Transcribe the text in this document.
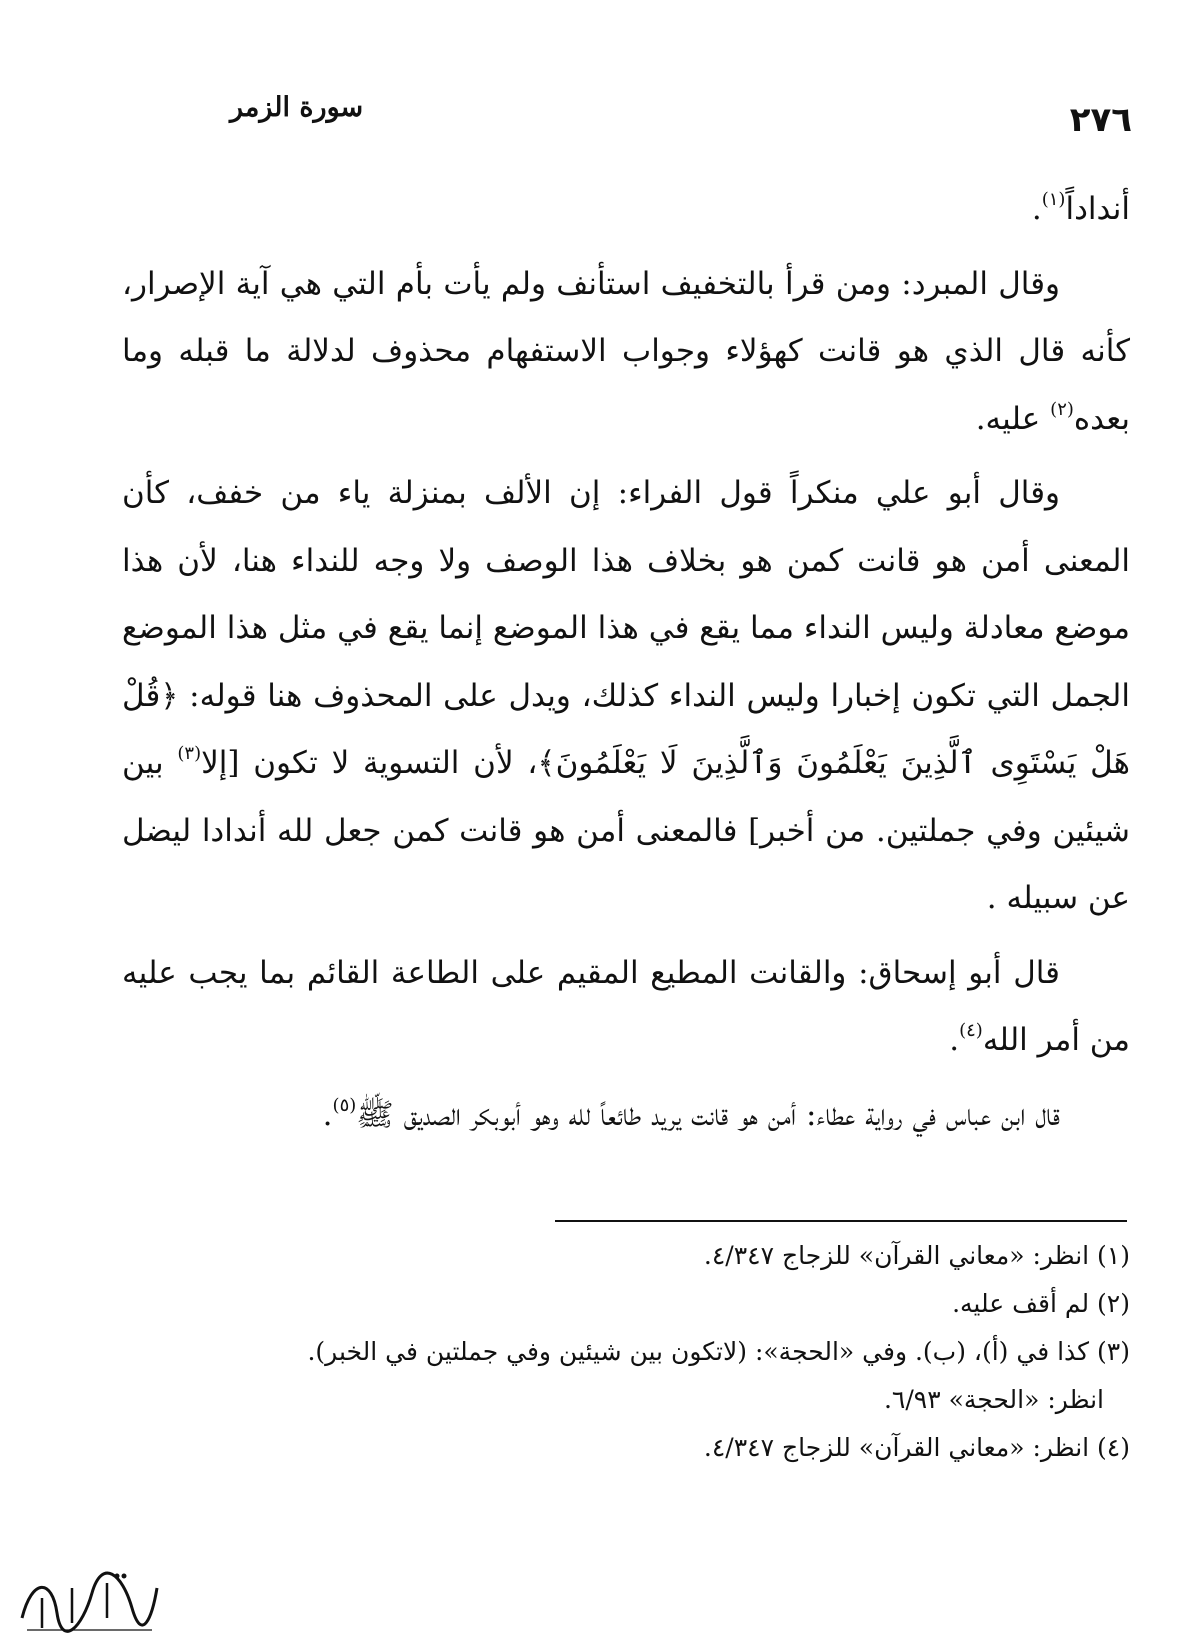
سورة الزمر	٢٧٦

أنداداً$^{(١)}$.

وقال المبرد: ومن قرأ بالتخفيف استأنف ولم يأت بأم التي هي آية الإصرار، كأنه قال الذي هو قانت كهؤلاء وجواب الاستفهام محذوف لدلالة ما قبله وما بعده$^{(٢)}$ عليه.

وقال أبو علي منكراً قول الفراء: إن الألف بمنزلة ياء من خفف، كأن المعنى أمن هو قانت كمن هو بخلاف هذا الوصف ولا وجه للنداء هنا، لأن هذا موضع معادلة وليس النداء مما يقع في هذا الموضع إنما يقع في مثل هذا الموضع الجمل التي تكون إخبارا وليس النداء كذلك، ويدل على المحذوف هنا قوله: ﴿قُلْ هَلْ يَسْتَوِى ٱلَّذِينَ يَعْلَمُونَ وَٱلَّذِينَ لَا يَعْلَمُونَ﴾، لأن التسوية لا تكون [إلا$^{(٣)}$ بين شيئين وفي جملتين. من أخبر] فالمعنى أمن هو قانت كمن جعل لله أندادا ليضل عن سبيله .

قال أبو إسحاق: والقانت المطيع المقيم على الطاعة القائم بما يجب عليه من أمر الله$^{(٤)}$.

قال ابن عباس في رواية عطاء: أمن هو قانت يريد طائعاً لله وهو أبوبكر الصديق ﷺ$^{(٥)}$.

(١) انظر: «معاني القرآن» للزجاج ٤/٣٤٧.

(٢) لم أقف عليه.

(٣) كذا في (أ)، (ب). وفي «الحجة»: (لاتكون بين شيئين وفي جملتين في الخبر).

انظر: «الحجة» ٦/٩٣.

(٤) انظر: «معاني القرآن» للزجاج ٤/٣٤٧.
